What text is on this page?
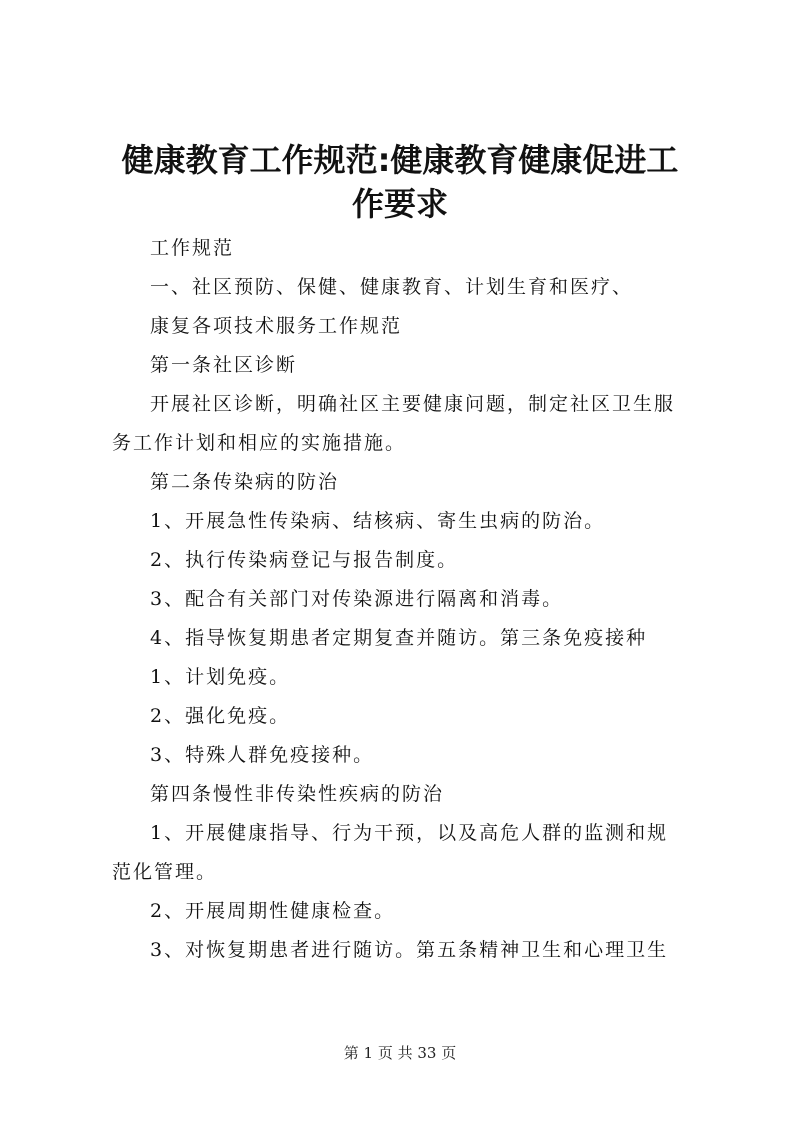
健康教育工作规范:健康教育健康促进工作要求

工作规范

一、社区预防、保健、健康教育、计划生育和医疗、

康复各项技术服务工作规范

第一条社区诊断

开展社区诊断，明确社区主要健康问题，制定社区卫生服务工作计划和相应的实施措施。

第二条传染病的防治

1、开展急性传染病、结核病、寄生虫病的防治。

2、执行传染病登记与报告制度。

3、配合有关部门对传染源进行隔离和消毒。

4、指导恢复期患者定期复查并随访。第三条免疫接种

1、计划免疫。

2、强化免疫。

3、特殊人群免疫接种。

第四条慢性非传染性疾病的防治

1、开展健康指导、行为干预，以及高危人群的监测和规范化管理。

2、开展周期性健康检查。

3、对恢复期患者进行随访。第五条精神卫生和心理卫生

第 1 页 共 33 页
